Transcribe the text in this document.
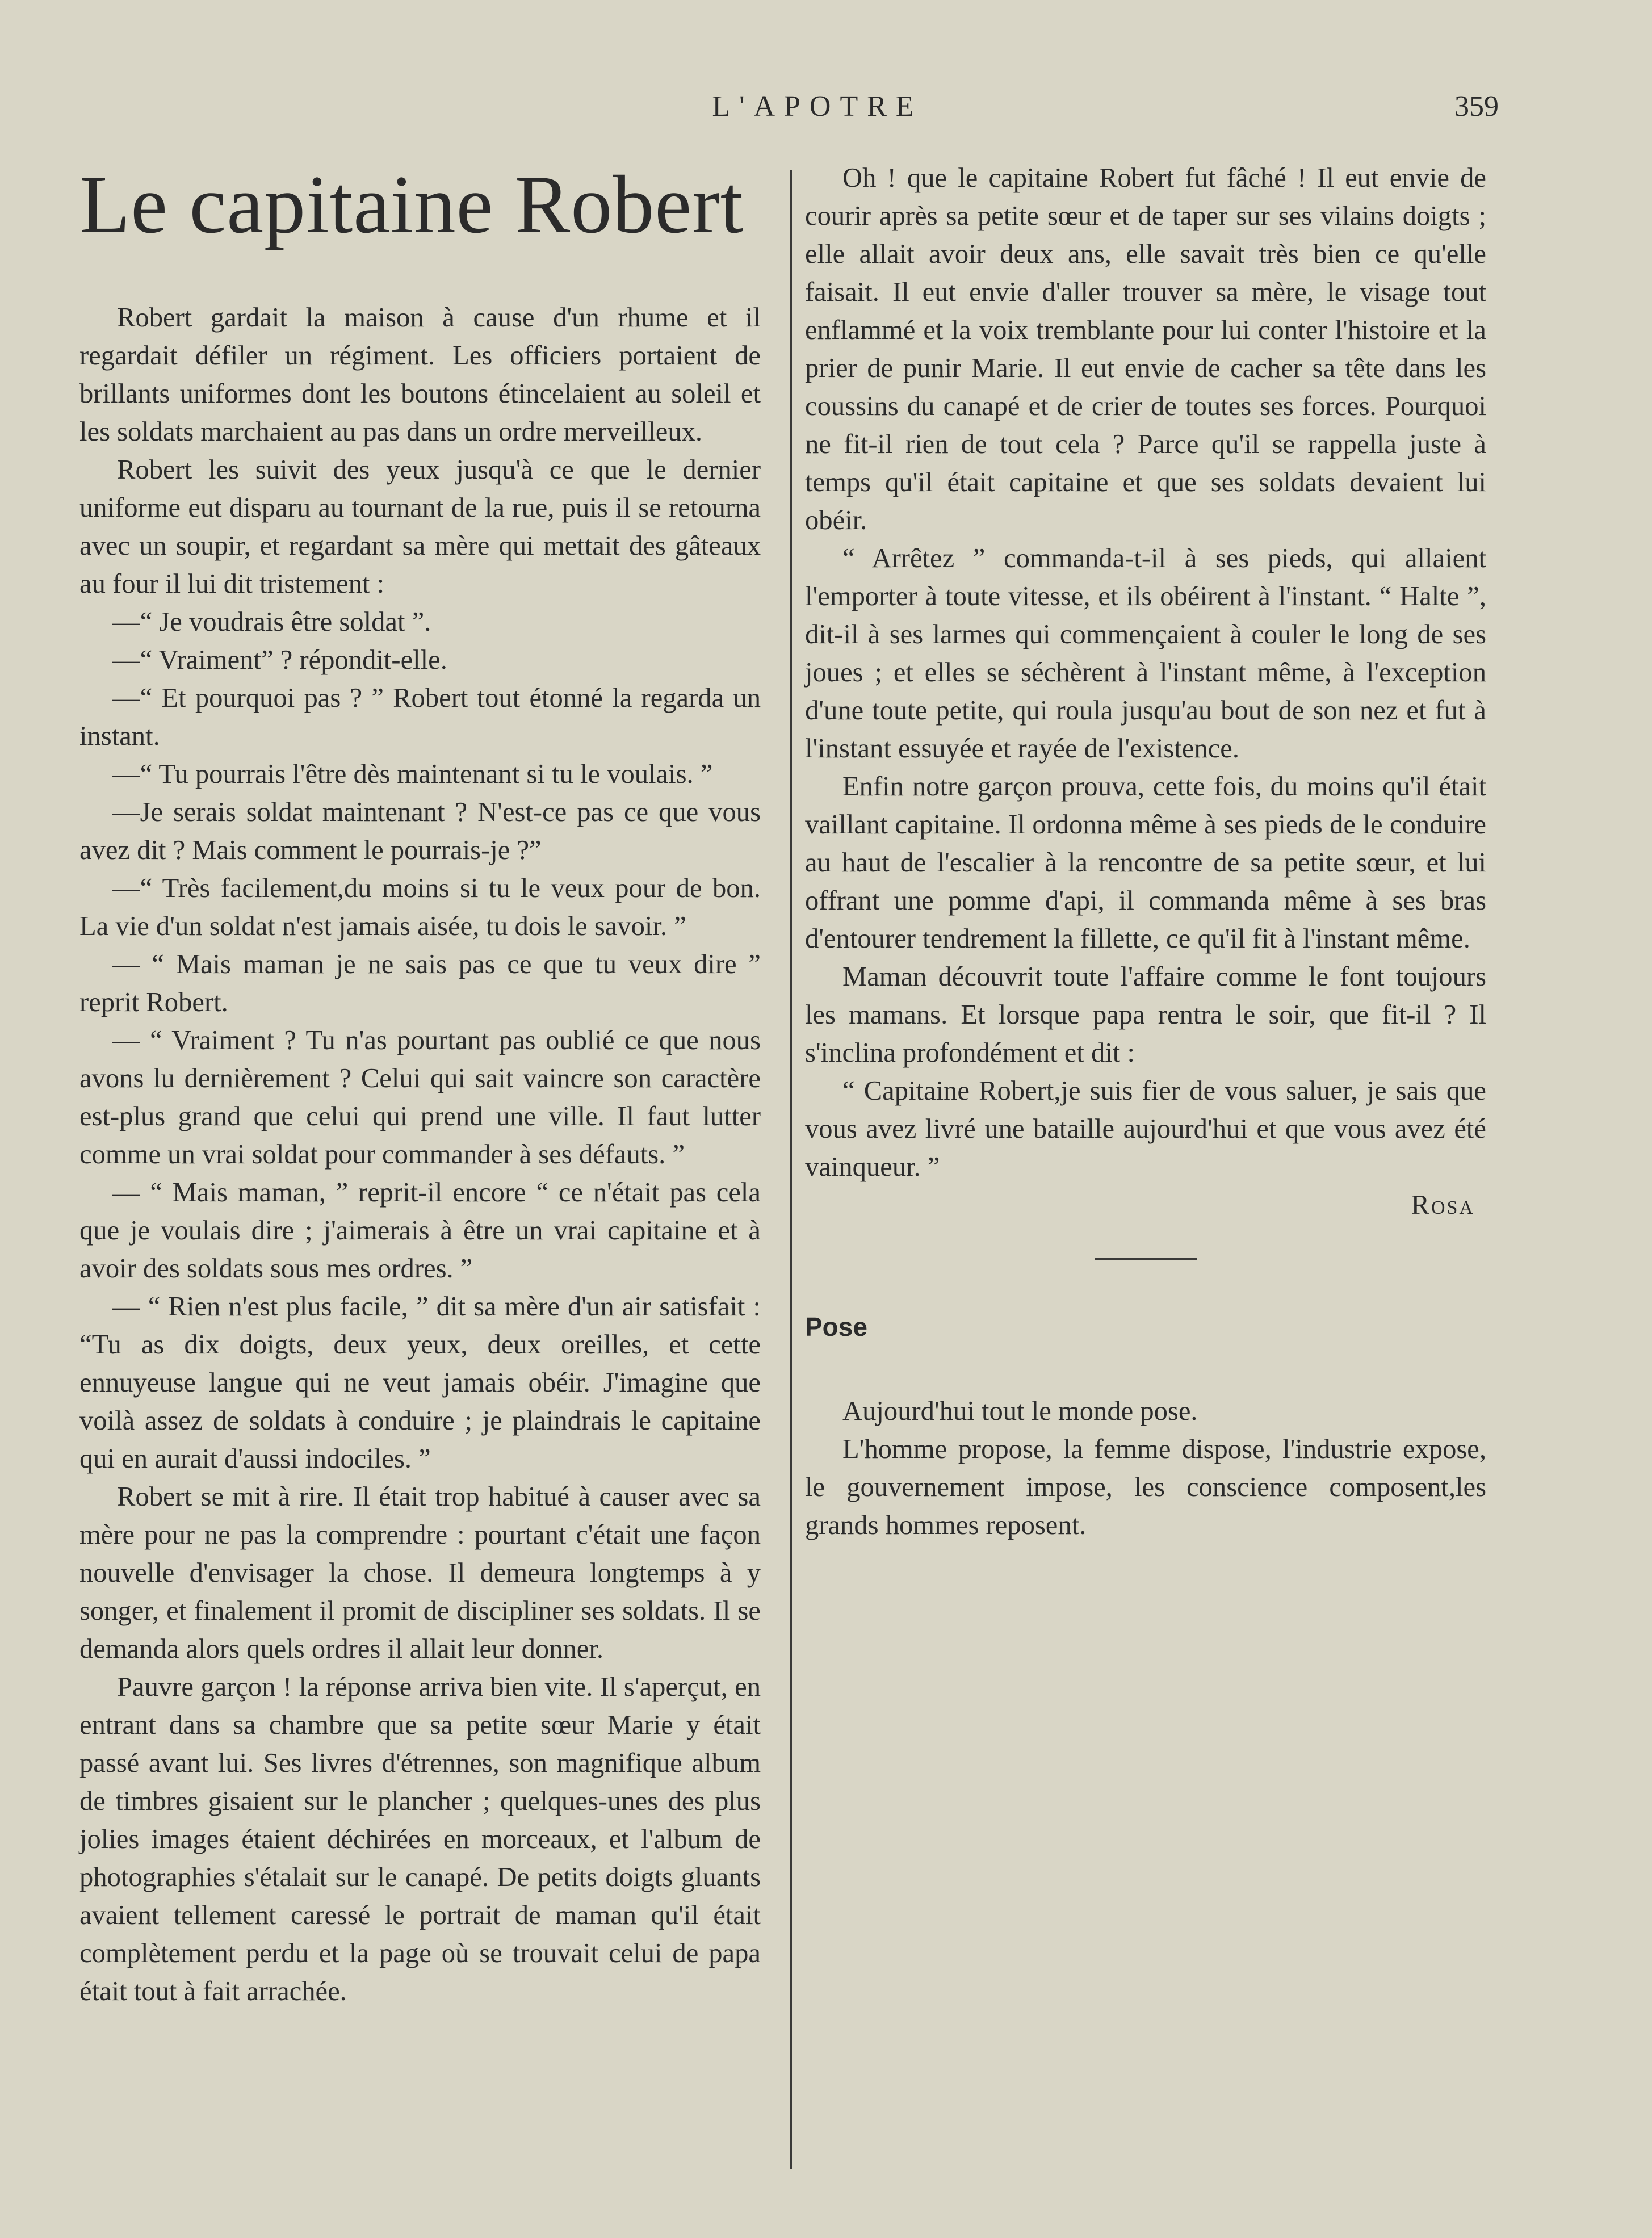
L'APOTRE	359
Le capitaine Robert

Robert gardait la maison à cause d'un rhume et il regardait défiler un régiment. Les officiers portaient de brillants uniformes dont les boutons étincelaient au soleil et les soldats marchaient au pas dans un ordre merveilleux.

Robert les suivit des yeux jusqu'à ce que le dernier uniforme eut disparu au tournant de la rue, puis il se retourna avec un soupir, et regardant sa mère qui mettait des gâteaux au four il lui dit tristement :

—“ Je voudrais être soldat ”.

—“ Vraiment” ? répondit-elle.

—“ Et pourquoi pas ? ” Robert tout étonné la regarda un instant.

—“ Tu pourrais l'être dès maintenant si tu le voulais. ”

—Je serais soldat maintenant ? N'est-ce pas ce que vous avez dit ? Mais comment le pourrais-je ?”

—“ Très facilement,du moins si tu le veux pour de bon. La vie d'un soldat n'est jamais aisée, tu dois le savoir. ”

— “ Mais maman je ne sais pas ce que tu veux dire ” reprit Robert.

— “ Vraiment ? Tu n'as pourtant pas oublié ce que nous avons lu dernièrement ? Celui qui sait vaincre son caractère est-plus grand que celui qui prend une ville. Il faut lutter comme un vrai soldat pour commander à ses défauts. ”

— “ Mais maman, ” reprit-il encore “ ce n'était pas cela que je voulais dire ; j'aimerais à être un vrai capitaine et à avoir des soldats sous mes ordres. ”

— “ Rien n'est plus facile, ” dit sa mère d'un air satisfait : “Tu as dix doigts, deux yeux, deux oreilles, et cette ennuyeuse langue qui ne veut jamais obéir. J'imagine que voilà assez de soldats à conduire ; je plaindrais le capitaine qui en aurait d'aussi indociles. ”

Robert se mit à rire. Il était trop habitué à causer avec sa mère pour ne pas la comprendre : pourtant c'était une façon nouvelle d'envisager la chose. Il demeura longtemps à y songer, et finalement il promit de discipliner ses soldats. Il se demanda alors quels ordres il allait leur donner.

Pauvre garçon ! la réponse arriva bien vite. Il s'aperçut, en entrant dans sa chambre que sa petite sœur Marie y était passé avant lui. Ses livres d'étrennes, son magnifique album de timbres gisaient sur le plancher ; quelques-unes des plus jolies images étaient déchirées en morceaux, et l'album de photographies s'étalait sur le canapé. De petits doigts gluants avaient tellement caressé le portrait de maman qu'il était complètement perdu et la page où se trouvait celui de papa était tout à fait arrachée.

Oh ! que le capitaine Robert fut fâché ! Il eut envie de courir après sa petite sœur et de taper sur ses vilains doigts ; elle allait avoir deux ans, elle savait très bien ce qu'elle faisait. Il eut envie d'aller trouver sa mère, le visage tout enflammé et la voix tremblante pour lui conter l'histoire et la prier de punir Marie. Il eut envie de cacher sa tête dans les coussins du canapé et de crier de toutes ses forces. Pourquoi ne fit-il rien de tout cela ? Parce qu'il se rappella juste à temps qu'il était capitaine et que ses soldats devaient lui obéir.

“ Arrêtez ” commanda-t-il à ses pieds, qui allaient l'emporter à toute vitesse, et ils obéirent à l'instant. “ Halte ”, dit-il à ses larmes qui commençaient à couler le long de ses joues ; et elles se séchèrent à l'instant même, à l'exception d'une toute petite, qui roula jusqu'au bout de son nez et fut à l'instant essuyée et rayée de l'existence.

Enfin notre garçon prouva, cette fois, du moins qu'il était vaillant capitaine. Il ordonna même à ses pieds de le conduire au haut de l'escalier à la rencontre de sa petite sœur, et lui offrant une pomme d'api, il commanda même à ses bras d'entourer tendrement la fillette, ce qu'il fit à l'instant même.

Maman découvrit toute l'affaire comme le font toujours les mamans. Et lorsque papa rentra le soir, que fit-il ? Il s'inclina profondément et dit :

“ Capitaine Robert,je suis fier de vous saluer, je sais que vous avez livré une bataille aujourd'hui et que vous avez été vainqueur. ”

Rosa

Pose

Aujourd'hui tout le monde pose.

L'homme propose, la femme dispose, l'industrie expose, le gouvernement impose, les conscience composent,les grands hommes reposent.
